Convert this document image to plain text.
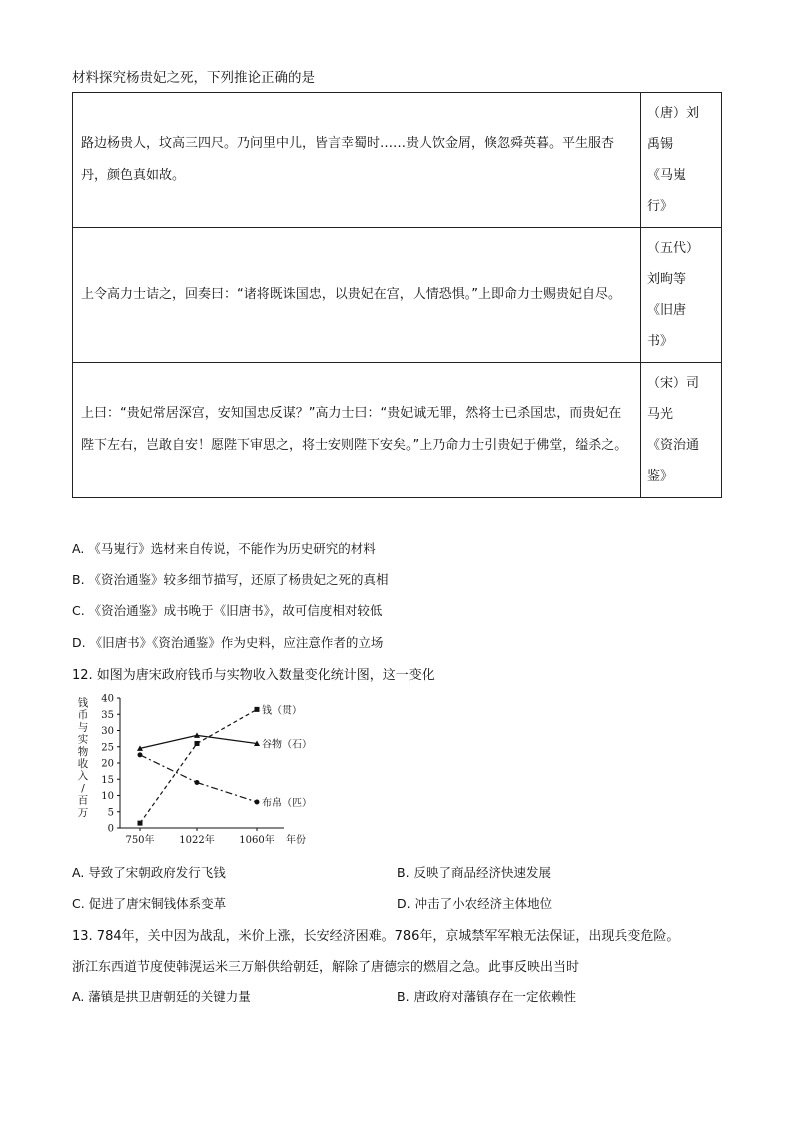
材料探究杨贵妃之死，下列推论正确的是
路边杨贵人，坟高三四尺。乃问里中儿，皆言幸蜀时……贵人饮金屑，倏忽舜英暮。平生服杏丹，颜色真如故。	（唐）刘
禹锡
《马嵬
行》

上令高力士诘之，回奏曰：“诸将既诛国忠，以贵妃在宫，人情恐惧。”上即命力士赐贵妃自尽。	（五代）
刘昫等
《旧唐
书》

上曰：“贵妃常居深宫，安知国忠反谋？”高力士曰：“贵妃诚无罪，然将士已杀国忠，而贵妃在陛下左右，岂敢自安！愿陛下审思之，将士安则陛下安矣。”上乃命力士引贵妃于佛堂，缢杀之。	（宋）司
马光
《资治通
鉴》
A. 《马嵬行》选材来自传说，不能作为历史研究的材料
B. 《资治通鉴》较多细节描写，还原了杨贵妃之死的真相
C. 《资治通鉴》成书晚于《旧唐书》，故可信度相对较低
D. 《旧唐书》《资治通鉴》作为史料，应注意作者的立场
12. 如图为唐宋政府钱币与实物收入数量变化统计图，这一变化
钱
币
与
实
物
收
入
/
百
万
0
5
10
15
20
25
30
35
40
750年 1022年 1060年 年份
钱（贯）
谷物（石）
布帛（匹）
A. 导致了宋朝政府发行飞钱	B. 反映了商品经济快速发展
C. 促进了唐宋铜钱体系变革	D. 冲击了小农经济主体地位
13. 784年，关中因为战乱，米价上涨，长安经济困难。786年，京城禁军军粮无法保证，出现兵变危险。
浙江东西道节度使韩滉运米三万斛供给朝廷，解除了唐德宗的燃眉之急。此事反映出当时
A. 藩镇是拱卫唐朝廷的关键力量	B. 唐政府对藩镇存在一定依赖性
